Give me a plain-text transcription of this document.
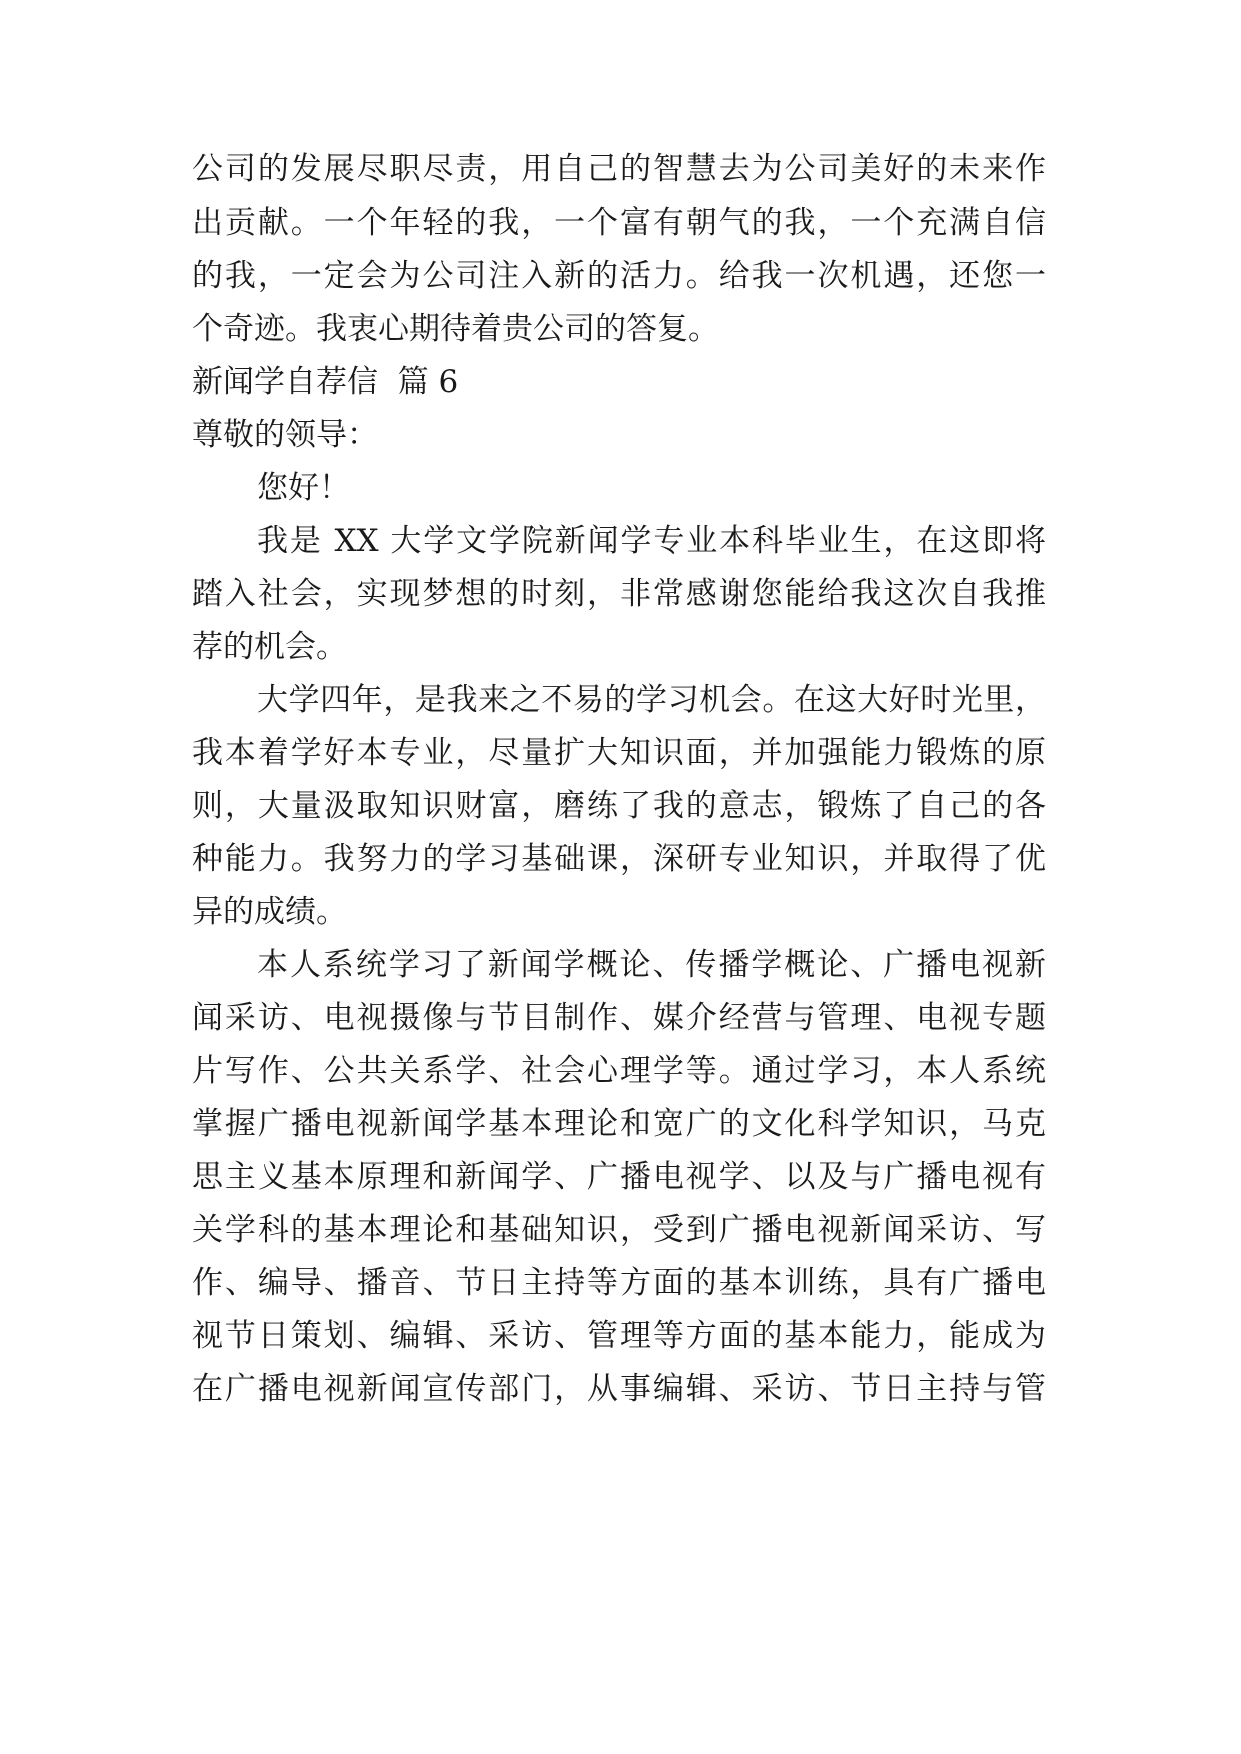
公司的发展尽职尽责，用自己的智慧去为公司美好的未来作

出贡献。一个年轻的我，一个富有朝气的我，一个充满自信

的我，一定会为公司注入新的活力。给我一次机遇，还您一

个奇迹。我衷心期待着贵公司的答复。

新闻学自荐信  篇 6

尊敬的领导：

您好！

我是 XX 大学文学院新闻学专业本科毕业生，在这即将

踏入社会，实现梦想的时刻，非常感谢您能给我这次自我推

荐的机会。

大学四年，是我来之不易的学习机会。在这大好时光里，

我本着学好本专业，尽量扩大知识面，并加强能力锻炼的原

则，大量汲取知识财富，磨练了我的意志，锻炼了自己的各

种能力。我努力的学习基础课，深研专业知识，并取得了优

异的成绩。

本人系统学习了新闻学概论、传播学概论、广播电视新

闻采访、电视摄像与节目制作、媒介经营与管理、电视专题

片写作、公共关系学、社会心理学等。通过学习，本人系统

掌握广播电视新闻学基本理论和宽广的文化科学知识，马克

思主义基本原理和新闻学、广播电视学、以及与广播电视有

关学科的基本理论和基础知识，受到广播电视新闻采访、写

作、编导、播音、节日主持等方面的基本训练，具有广播电

视节日策划、编辑、采访、管理等方面的基本能力，能成为

在广播电视新闻宣传部门，从事编辑、采访、节日主持与管
